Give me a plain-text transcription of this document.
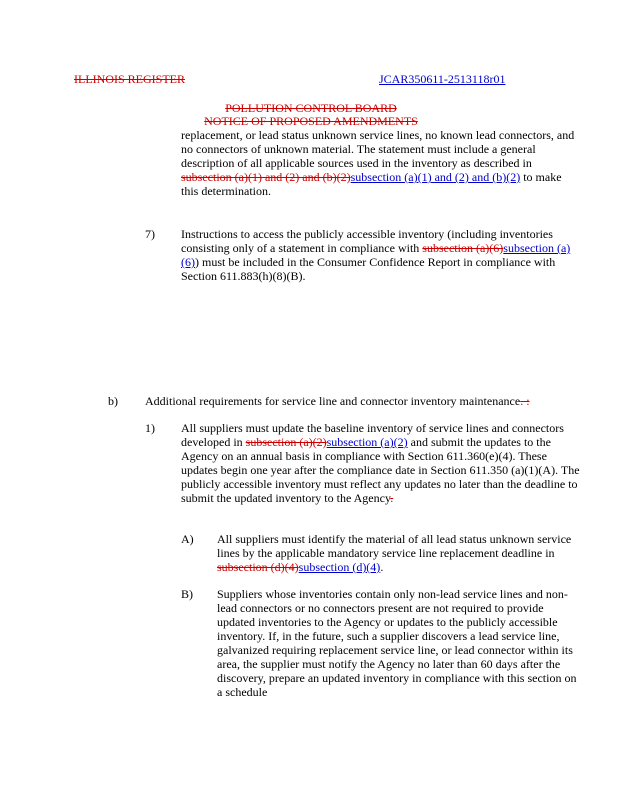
ILLINOIS REGISTER	JCAR350611-2513118r01
POLLUTION CONTROL BOARD
NOTICE OF PROPOSED AMENDMENTS

replacement, or lead status unknown service lines, no known lead connectors, and no connectors of unknown material. The statement must include a general description of all applicable sources used in the inventory as described in subsection (a)(1) and (2) and (b)(2)subsection (a)(1) and (2) and (b)(2) to make this determination.

7) Instructions to access the publicly accessible inventory (including inventories consisting only of a statement in compliance with subsection (a)(6)subsection (a)(6)) must be included in the Consumer Confidence Report in compliance with Section 611.883(h)(8)(B).

b) Additional requirements for service line and connector inventory maintenance. :

1) All suppliers must update the baseline inventory of service lines and connectors developed in subsection (a)(2)subsection (a)(2) and submit the updates to the Agency on an annual basis in compliance with Section 611.360(e)(4). These updates begin one year after the compliance date in Section 611.350 (a)(1)(A). The publicly accessible inventory must reflect any updates no later than the deadline to submit the updated inventory to the Agency.

A) All suppliers must identify the material of all lead status unknown service lines by the applicable mandatory service line replacement deadline in subsection (d)(4)subsection (d)(4).

B) Suppliers whose inventories contain only non-lead service lines and non-lead connectors or no connectors present are not required to provide updated inventories to the Agency or updates to the publicly accessible inventory. If, in the future, such a supplier discovers a lead service line, galvanized requiring replacement service line, or lead connector within its area, the supplier must notify the Agency no later than 60 days after the discovery, prepare an updated inventory in compliance with this section on a schedule
